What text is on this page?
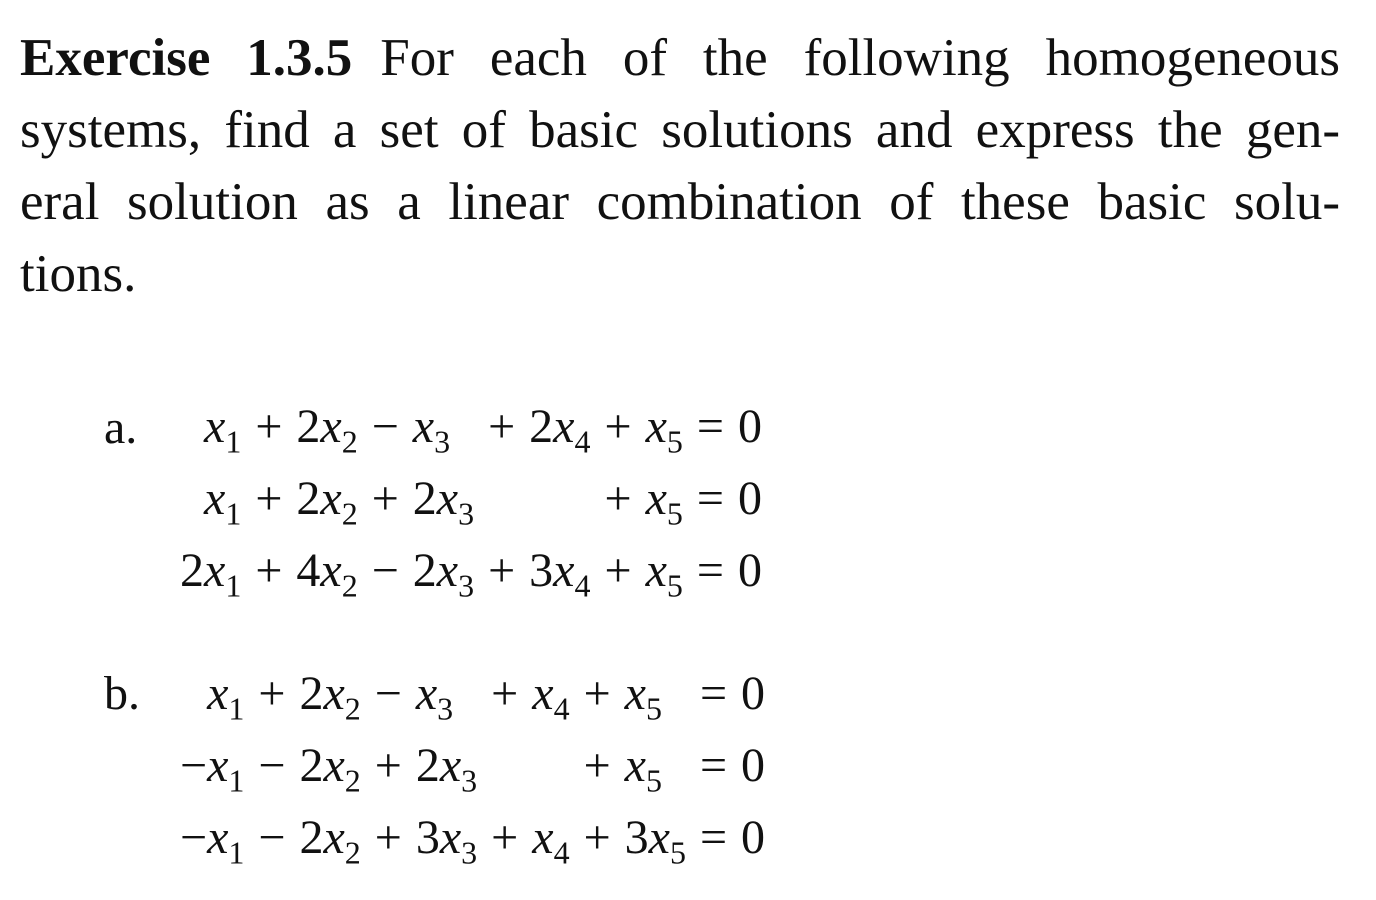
Exercise 1.3.5 For each of the following homogeneous
systems, find a set of basic solutions and express the gen-
eral solution as a linear combination of these basic solu-
tions.
a. $x_1$	+	$2x_2$	−	$x_3$	+	$2x_4$	+	$x_5$	=	0
$x_1$	+	$2x_2$	+	$2x_3$			+	$x_5$	=	0
$2x_1$	+	$4x_2$	−	$2x_3$	+	$3x_4$	+	$x_5$	=	0
b. $x_1$	+	$2x_2$	−	$x_3$	+	$x_4$	+	$x_5$	=	0
$-x_1$	−	$2x_2$	+	$2x_3$			+	$x_5$	=	0
$-x_1$	−	$2x_2$	+	$3x_3$	+	$x_4$	+	$3x_5$	=	0
